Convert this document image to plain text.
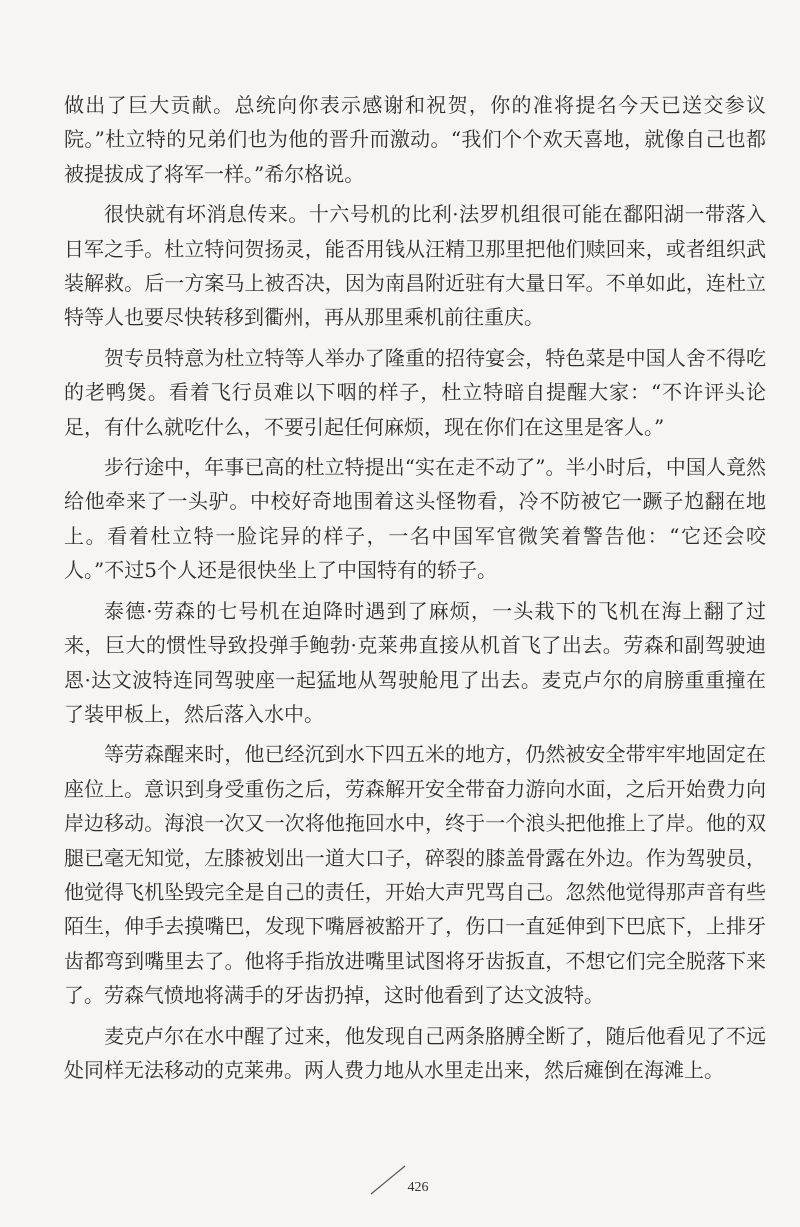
做出了巨大贡献。总统向你表示感谢和祝贺，你的准将提名今天已送交参议院。”杜立特的兄弟们也为他的晋升而激动。“我们个个欢天喜地，就像自己也都被提拔成了将军一样。”希尔格说。

很快就有坏消息传来。十六号机的比利·法罗机组很可能在鄱阳湖一带落入日军之手。杜立特问贺扬灵，能否用钱从汪精卫那里把他们赎回来，或者组织武装解救。后一方案马上被否决，因为南昌附近驻有大量日军。不单如此，连杜立特等人也要尽快转移到衢州，再从那里乘机前往重庆。

贺专员特意为杜立特等人举办了隆重的招待宴会，特色菜是中国人舍不得吃的老鸭煲。看着飞行员难以下咽的样子，杜立特暗自提醒大家：“不许评头论足，有什么就吃什么，不要引起任何麻烦，现在你们在这里是客人。”

步行途中，年事已高的杜立特提出“实在走不动了”。半小时后，中国人竟然给他牵来了一头驴。中校好奇地围着这头怪物看，冷不防被它一蹶子尥翻在地上。看着杜立特一脸诧异的样子，一名中国军官微笑着警告他：“它还会咬人。”不过5个人还是很快坐上了中国特有的轿子。

泰德·劳森的七号机在迫降时遇到了麻烦，一头栽下的飞机在海上翻了过来，巨大的惯性导致投弹手鲍勃·克莱弗直接从机首飞了出去。劳森和副驾驶迪恩·达文波特连同驾驶座一起猛地从驾驶舱甩了出去。麦克卢尔的肩膀重重撞在了装甲板上，然后落入水中。

等劳森醒来时，他已经沉到水下四五米的地方，仍然被安全带牢牢地固定在座位上。意识到身受重伤之后，劳森解开安全带奋力游向水面，之后开始费力向岸边移动。海浪一次又一次将他拖回水中，终于一个浪头把他推上了岸。他的双腿已毫无知觉，左膝被划出一道大口子，碎裂的膝盖骨露在外边。作为驾驶员，他觉得飞机坠毁完全是自己的责任，开始大声咒骂自己。忽然他觉得那声音有些陌生，伸手去摸嘴巴，发现下嘴唇被豁开了，伤口一直延伸到下巴底下，上排牙齿都弯到嘴里去了。他将手指放进嘴里试图将牙齿扳直，不想它们完全脱落下来了。劳森气愤地将满手的牙齿扔掉，这时他看到了达文波特。

麦克卢尔在水中醒了过来，他发现自己两条胳膊全断了，随后他看见了不远处同样无法移动的克莱弗。两人费力地从水里走出来，然后瘫倒在海滩上。

426
